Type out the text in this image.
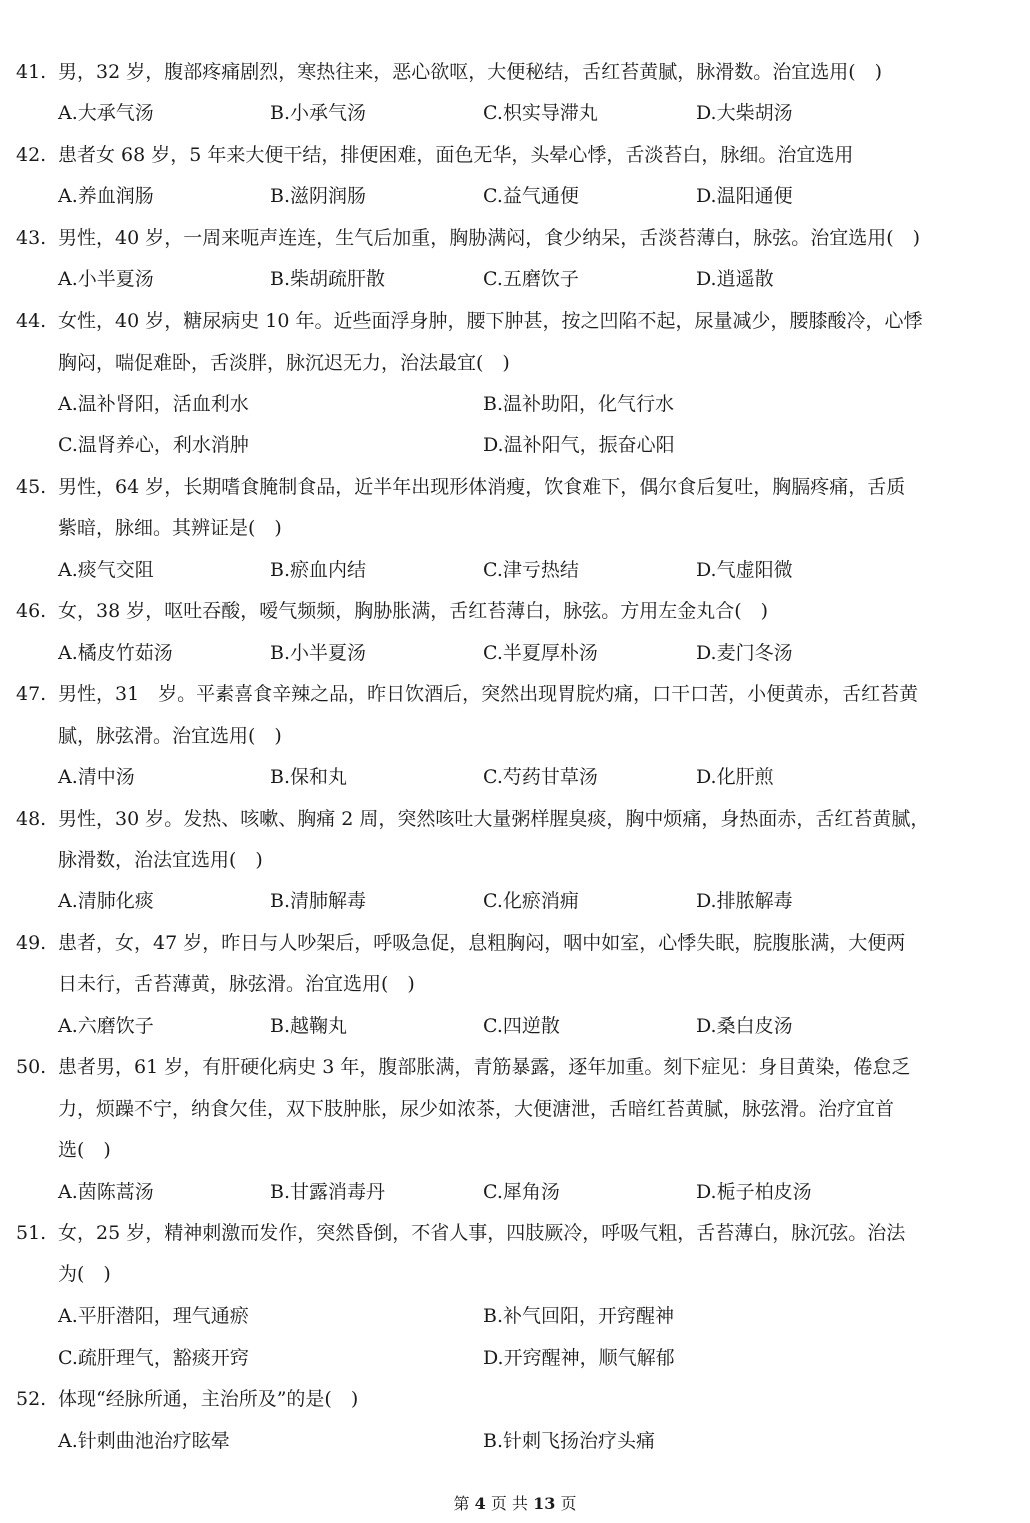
41. 男，32 岁，腹部疼痛剧烈，寒热往来，恶心欲呕，大便秘结，舌红苔黄腻，脉滑数。治宜选用(　)
A.大承气汤	B.小承气汤	C.枳实导滞丸	D.大柴胡汤
42. 患者女 68 岁，5 年来大便干结，排便困难，面色无华，头晕心悸，舌淡苔白，脉细。治宜选用
A.养血润肠	B.滋阴润肠	C.益气通便	D.温阳通便
43. 男性，40 岁，一周来呃声连连，生气后加重，胸胁满闷，食少纳呆，舌淡苔薄白，脉弦。治宜选用(　)
A.小半夏汤	B.柴胡疏肝散	C.五磨饮子	D.逍遥散
44. 女性，40 岁，糖尿病史 10 年。近些面浮身肿，腰下肿甚，按之凹陷不起，尿量减少，腰膝酸冷，心悸
胸闷，喘促难卧，舌淡胖，脉沉迟无力，治法最宜(　)
A.温补肾阳，活血利水	B.温补助阳，化气行水
C.温肾养心，利水消肿	D.温补阳气，振奋心阳
45. 男性，64 岁，长期嗜食腌制食品，近半年出现形体消瘦，饮食难下，偶尔食后复吐，胸膈疼痛，舌质
紫暗，脉细。其辨证是(　)
A.痰气交阻	B.瘀血内结	C.津亏热结	D.气虚阳微
46. 女，38 岁，呕吐吞酸，嗳气频频，胸胁胀满，舌红苔薄白，脉弦。方用左金丸合(　)
A.橘皮竹茹汤	B.小半夏汤	C.半夏厚朴汤	D.麦门冬汤
47. 男性，31　岁。平素喜食辛辣之品，昨日饮酒后，突然出现胃脘灼痛，口干口苦，小便黄赤，舌红苔黄
腻，脉弦滑。治宜选用(　)
A.清中汤	B.保和丸	C.芍药甘草汤	D.化肝煎
48. 男性，30 岁。发热、咳嗽、胸痛 2 周，突然咳吐大量粥样腥臭痰，胸中烦痛，身热面赤，舌红苔黄腻，
脉滑数，治法宜选用(　)
A.清肺化痰	B.清肺解毒	C.化瘀消痈	D.排脓解毒
49. 患者，女，47 岁，昨日与人吵架后，呼吸急促，息粗胸闷，咽中如室，心悸失眠，脘腹胀满，大便两
日未行，舌苔薄黄，脉弦滑。治宜选用(　)
A.六磨饮子	B.越鞠丸	C.四逆散	D.桑白皮汤
50. 患者男，61 岁，有肝硬化病史 3 年，腹部胀满，青筋暴露，逐年加重。刻下症见：身目黄染，倦怠乏
力，烦躁不宁，纳食欠佳，双下肢肿胀，尿少如浓茶，大便溏泄，舌暗红苔黄腻，脉弦滑。治疗宜首
选(　)
A.茵陈蒿汤	B.甘露消毒丹	C.犀角汤	D.栀子柏皮汤
51. 女，25 岁，精神刺激而发作，突然昏倒，不省人事，四肢厥冷，呼吸气粗，舌苔薄白，脉沉弦。治法
为(　)
A.平肝潜阳，理气通瘀	B.补气回阳，开窍醒神
C.疏肝理气，豁痰开窍	D.开窍醒神，顺气解郁
52. 体现“经脉所通，主治所及”的是(　)
A.针刺曲池治疗眩晕	B.针刺飞扬治疗头痛
第 4 页 共 13 页
